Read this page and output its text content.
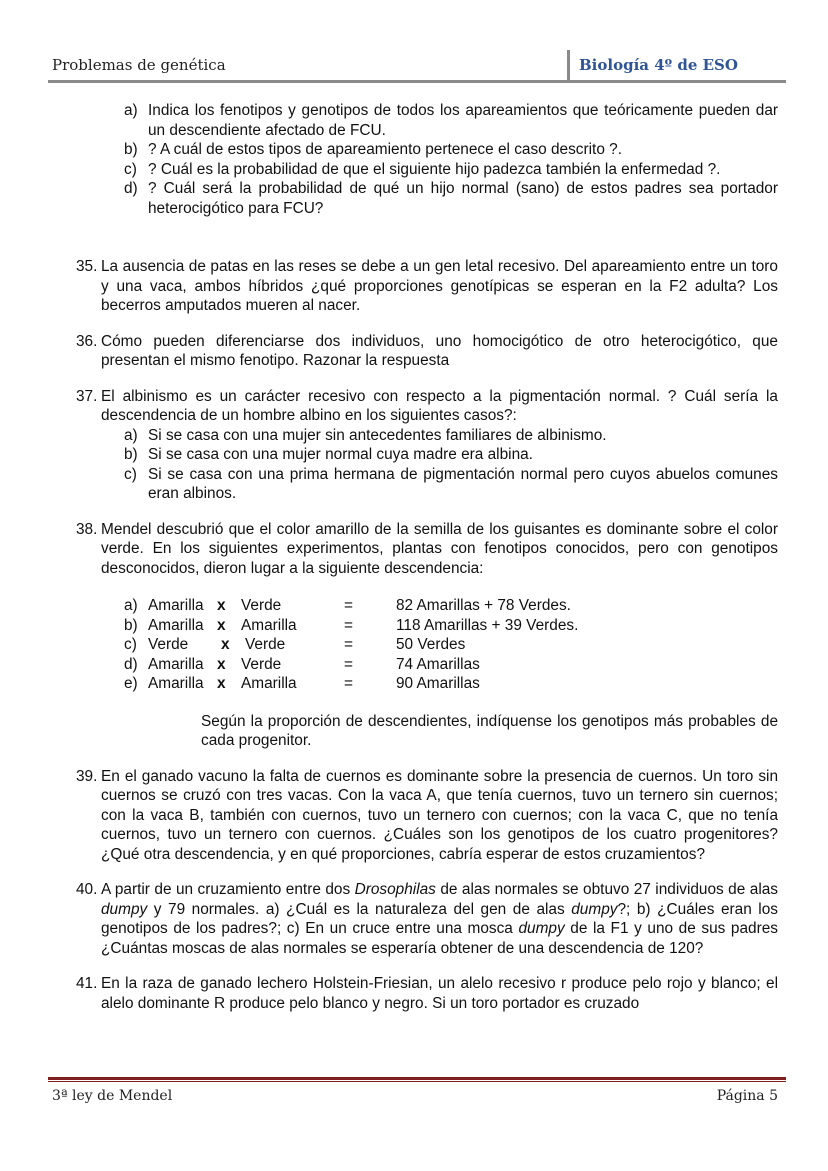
Problemas de genética	Biología 4º de ESO
a) Indica los fenotipos y genotipos de todos los apareamientos que teóricamente pueden dar un descendiente afectado de FCU.
b) ? A cuál de estos tipos de apareamiento pertenece el caso descrito ?.
c) ? Cuál es la probabilidad de que el siguiente hijo padezca también la enfermedad ?.
d) ? Cuál será la probabilidad de qué un hijo normal (sano) de estos padres sea portador heterocigótico para FCU?
35. La ausencia de patas en las reses se debe a un gen letal recesivo. Del apareamiento entre un toro y una vaca, ambos híbridos ¿qué proporciones genotípicas se esperan en la F2 adulta? Los becerros amputados mueren al nacer.
36. Cómo pueden diferenciarse dos individuos, uno homocigótico de otro heterocigótico, que presentan el mismo fenotipo. Razonar la respuesta
37. El albinismo es un carácter recesivo con respecto a la pigmentación normal. ? Cuál sería la descendencia de un hombre albino en los siguientes casos?:
a) Si se casa con una mujer sin antecedentes familiares de albinismo.
b) Si se casa con una mujer normal cuya madre era albina.
c) Si se casa con una prima hermana de pigmentación normal pero cuyos abuelos comunes eran albinos.
38. Mendel descubrió que el color amarillo de la semilla de los guisantes es dominante sobre el color verde. En los siguientes experimentos, plantas con fenotipos conocidos, pero con genotipos desconocidos, dieron lugar a la siguiente descendencia:
a) Amarilla x Verde	=	82 Amarillas + 78 Verdes.
b) Amarilla x Amarilla	=	118 Amarillas + 39 Verdes.
c) Verde x Verde	=	50 Verdes
d) Amarilla x Verde	=	74 Amarillas
e) Amarilla x Amarilla	=	90 Amarillas
Según la proporción de descendientes, indíquense los genotipos más probables de cada progenitor.
39. En el ganado vacuno la falta de cuernos es dominante sobre la presencia de cuernos. Un toro sin cuernos se cruzó con tres vacas. Con la vaca A, que tenía cuernos, tuvo un ternero sin cuernos; con la vaca B, también con cuernos, tuvo un ternero con cuernos; con la vaca C, que no tenía cuernos, tuvo un ternero con cuernos. ¿Cuáles son los genotipos de los cuatro progenitores? ¿Qué otra descendencia, y en qué proporciones, cabría esperar de estos cruzamientos?
40. A partir de un cruzamiento entre dos Drosophilas de alas normales se obtuvo 27 individuos de alas dumpy y 79 normales. a) ¿Cuál es la naturaleza del gen de alas dumpy?; b) ¿Cuáles eran los genotipos de los padres?; c) En un cruce entre una mosca dumpy de la F1 y uno de sus padres ¿Cuántas moscas de alas normales se esperaría obtener de una descendencia de 120?
41. En la raza de ganado lechero Holstein-Friesian, un alelo recesivo r produce pelo rojo y blanco; el alelo dominante R produce pelo blanco y negro. Si un toro portador es cruzado
3ª ley de Mendel	Página 5
